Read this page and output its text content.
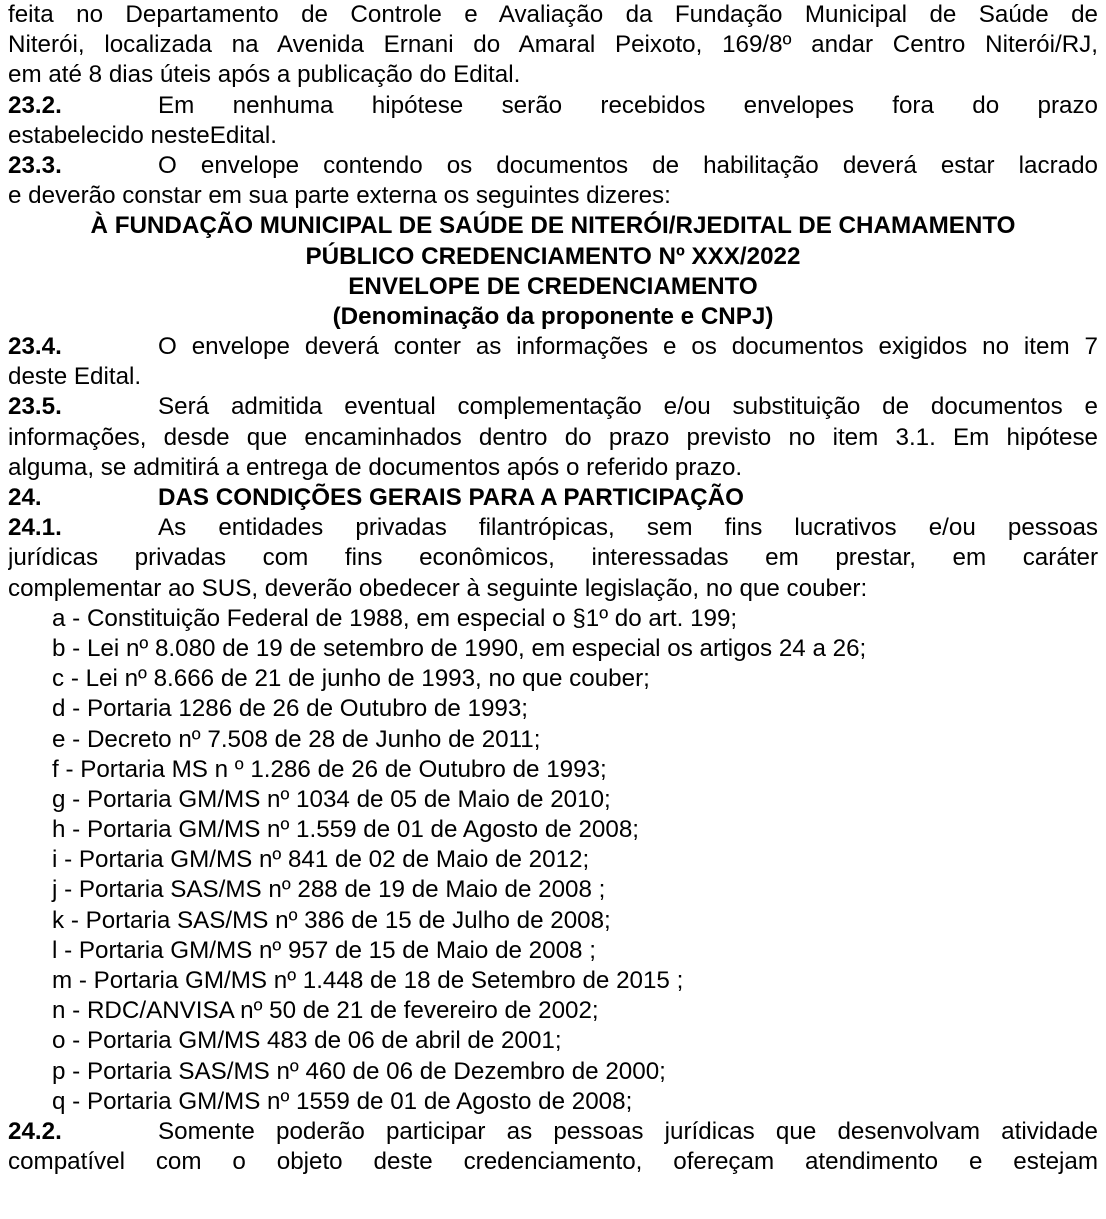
feita no Departamento de Controle e Avaliação da Fundação Municipal de Saúde de
Niterói, localizada na Avenida Ernani do Amaral Peixoto, 169/8º andar Centro Niterói/RJ,
em até 8 dias úteis após a publicação do Edital.
23.2.	Em nenhuma hipótese serão recebidos envelopes fora do prazo
estabelecido nesteEdital.
23.3.	O envelope contendo os documentos de habilitação deverá estar lacrado
e deverão constar em sua parte externa os seguintes dizeres:
À FUNDAÇÃO MUNICIPAL DE SAÚDE DE NITERÓI/RJEDITAL DE CHAMAMENTO
PÚBLICO CREDENCIAMENTO Nº XXX/2022
ENVELOPE DE CREDENCIAMENTO
(Denominação da proponente e CNPJ)
23.4.	O envelope deverá conter as informações e os documentos exigidos no item 7
deste Edital.
23.5.	Será admitida eventual complementação e/ou substituição de documentos e
informações, desde que encaminhados dentro do prazo previsto no item 3.1. Em hipótese
alguma, se admitirá a entrega de documentos após o referido prazo.
24.	DAS CONDIÇÕES GERAIS PARA A PARTICIPAÇÃO
24.1.	As entidades privadas filantrópicas, sem fins lucrativos e/ou pessoas
jurídicas privadas com fins econômicos, interessadas em prestar, em caráter
complementar ao SUS, deverão obedecer à seguinte legislação, no que couber:
a - Constituição Federal de 1988, em especial o §1º do art. 199;
b - Lei nº 8.080 de 19 de setembro de 1990, em especial os artigos 24 a 26;
c - Lei nº 8.666 de 21 de junho de 1993, no que couber;
d - Portaria 1286 de 26 de Outubro de 1993;
e - Decreto nº 7.508 de 28 de Junho de 2011;
f - Portaria MS n º 1.286 de 26 de Outubro de 1993;
g - Portaria GM/MS nº 1034 de 05 de Maio de 2010;
h - Portaria GM/MS nº 1.559 de 01 de Agosto de 2008;
i - Portaria GM/MS nº 841 de 02 de Maio de 2012;
j - Portaria SAS/MS nº 288 de 19 de Maio de 2008 ;
k - Portaria SAS/MS nº 386 de 15 de Julho de 2008;
l - Portaria GM/MS nº 957 de 15 de Maio de 2008 ;
m - Portaria GM/MS nº 1.448 de 18 de Setembro de 2015 ;
n - RDC/ANVISA nº 50 de 21 de fevereiro de 2002;
o - Portaria GM/MS 483 de 06 de abril de 2001;
p - Portaria SAS/MS nº 460 de 06 de Dezembro de 2000;
q - Portaria GM/MS nº 1559 de 01 de Agosto de 2008;
24.2.	Somente poderão participar as pessoas jurídicas que desenvolvam atividade
compatível com o objeto deste credenciamento, ofereçam atendimento e estejam
